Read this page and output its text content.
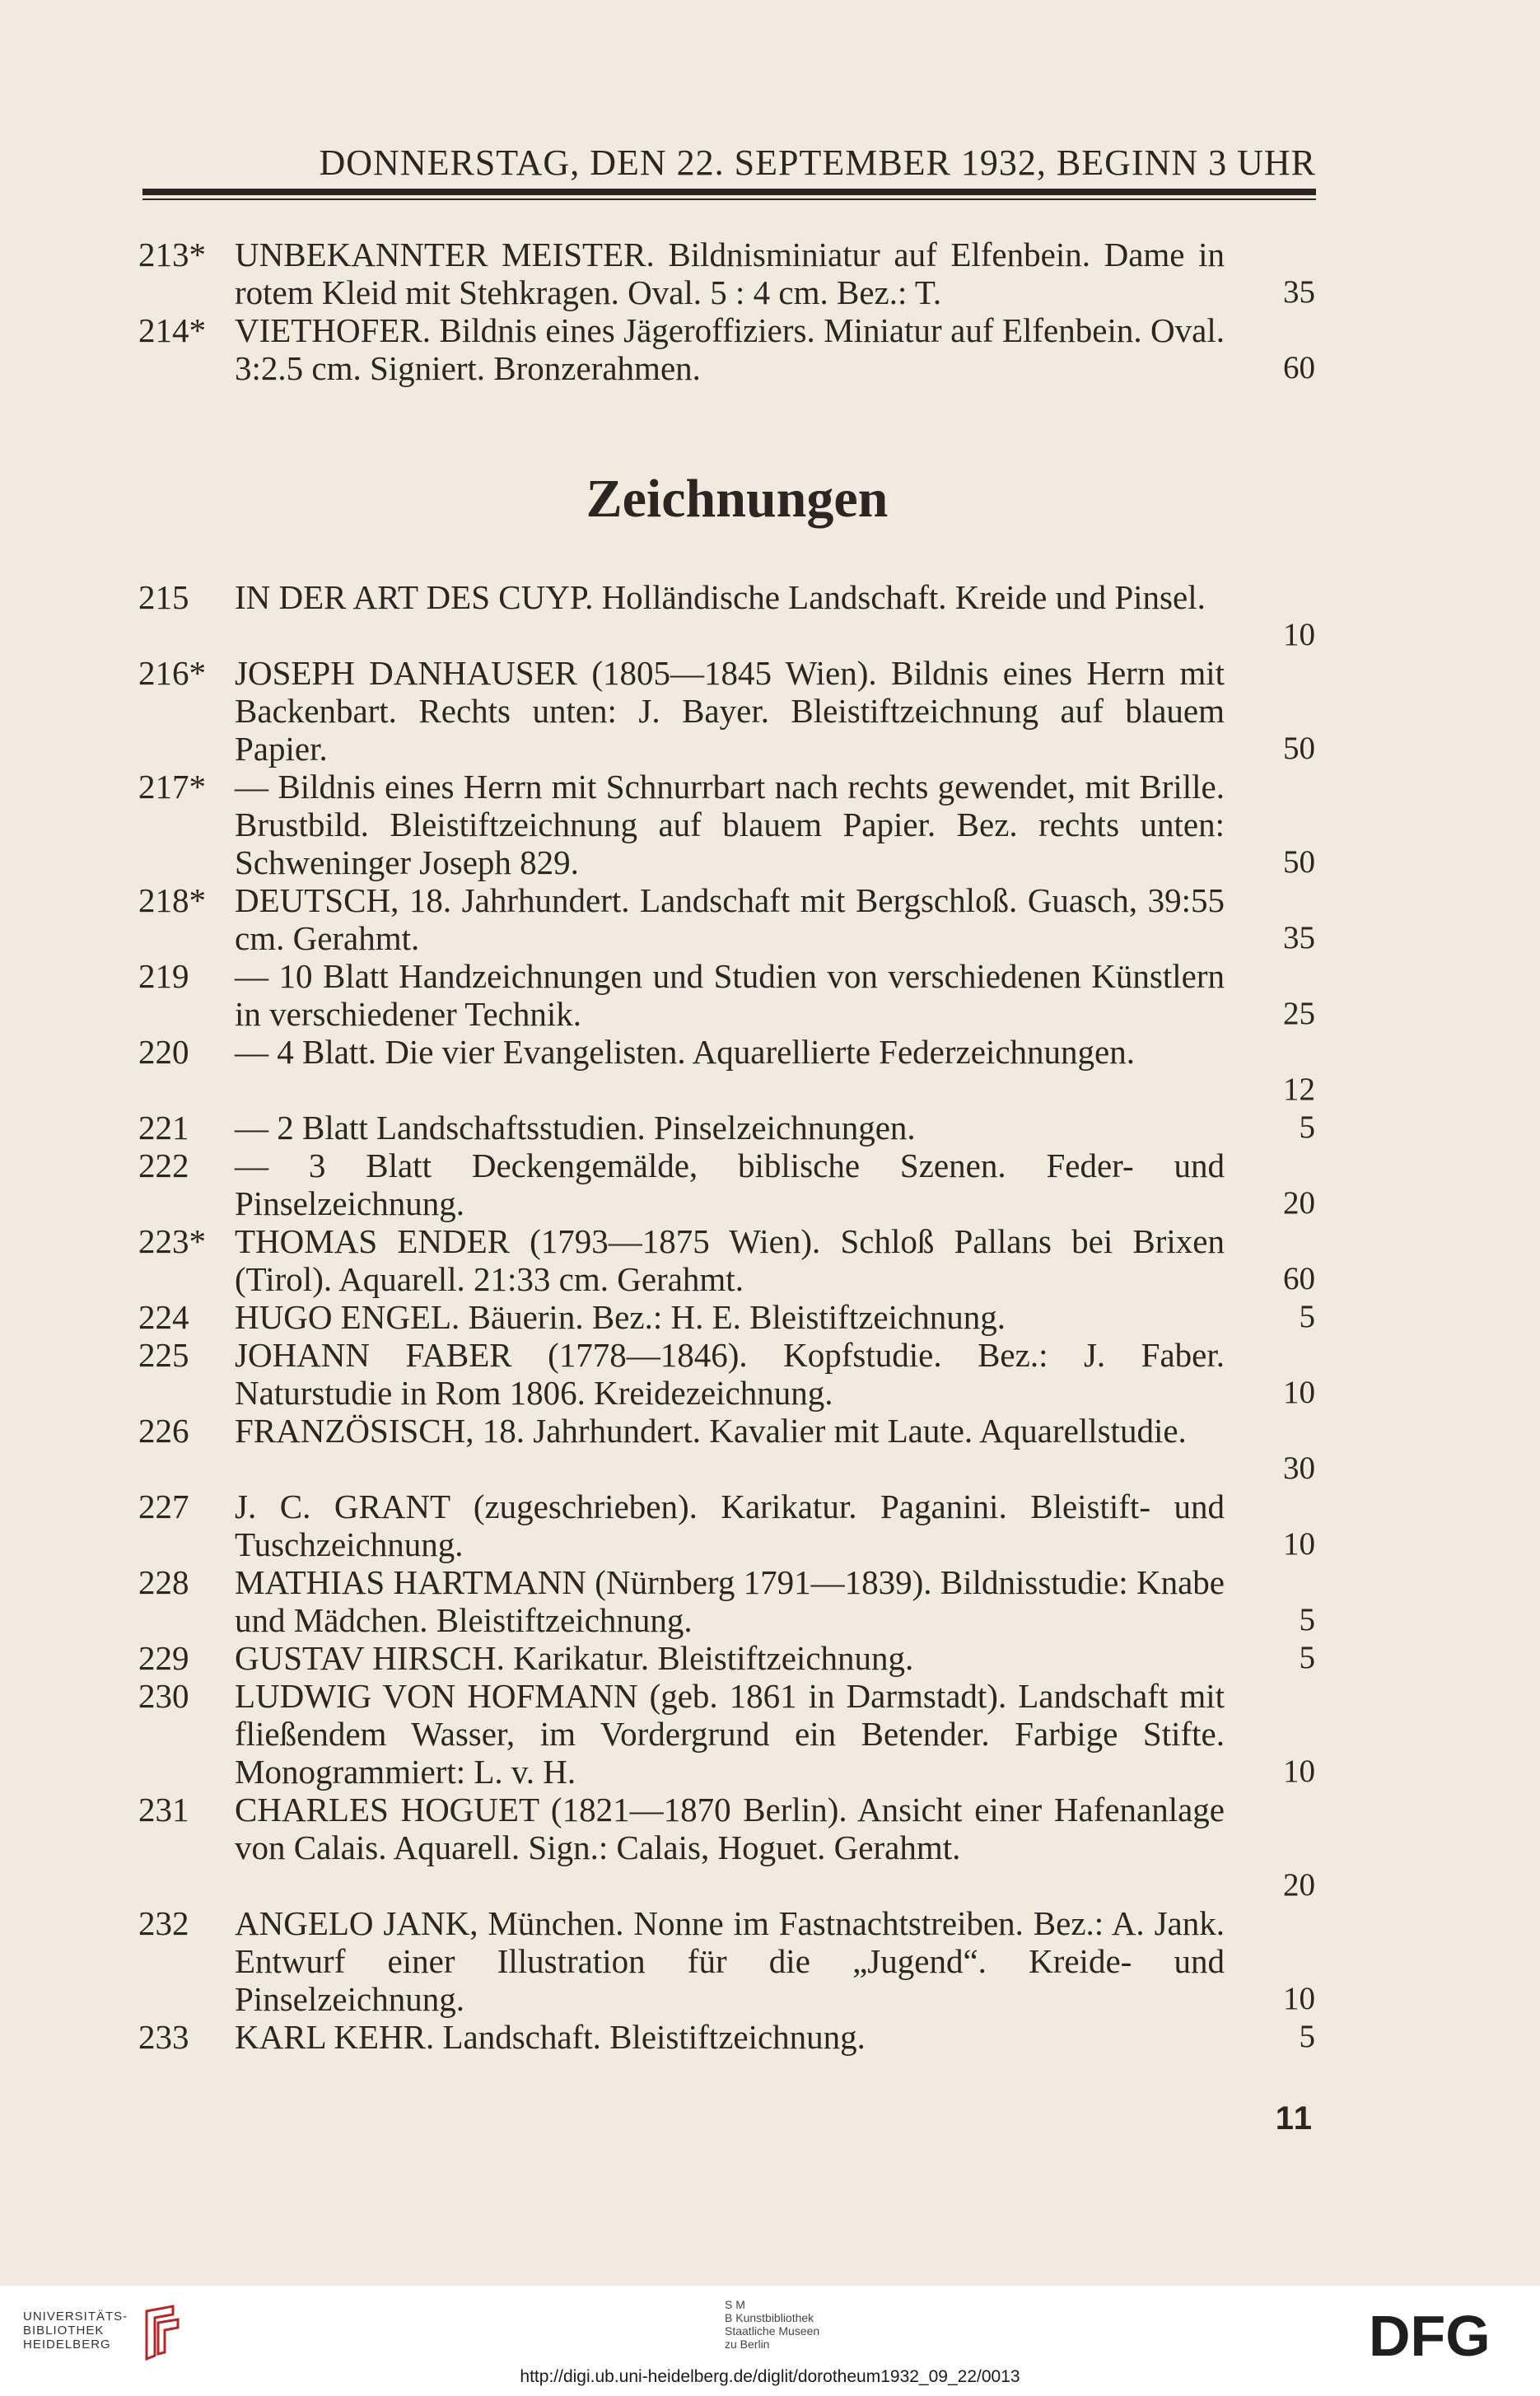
DONNERSTAG, DEN 22. SEPTEMBER 1932, BEGINN 3 UHR
213* UNBEKANNTER MEISTER. Bildnisminiatur auf Elfenbein. Dame in rotem Kleid mit Stehkragen. Oval. 5 : 4 cm. Bez.: T.	35
214* VIETHOFER. Bildnis eines Jägeroffiziers. Miniatur auf Elfenbein. Oval. 3:2.5 cm. Signiert. Bronzerahmen.	60
Zeichnungen
215 IN DER ART DES CUYP. Holländische Landschaft. Kreide und Pinsel.
10
216* JOSEPH DANHAUSER (1805—1845 Wien). Bildnis eines Herrn mit Backenbart. Rechts unten: J. Bayer. Bleistiftzeichnung auf blauem Papier.	50
217* — Bildnis eines Herrn mit Schnurrbart nach rechts gewendet, mit Brille. Brustbild. Bleistiftzeichnung auf blauem Papier. Bez. rechts unten: Schweninger Joseph 829.	50
218* DEUTSCH, 18. Jahrhundert. Landschaft mit Bergschloß. Guasch, 39:55 cm. Gerahmt.	35
219 — 10 Blatt Handzeichnungen und Studien von verschiedenen Künstlern in verschiedener Technik.	25
220 — 4 Blatt. Die vier Evangelisten. Aquarellierte Federzeichnungen.
12
221 — 2 Blatt Landschaftsstudien. Pinselzeichnungen.	5
222 — 3 Blatt Deckengemälde, biblische Szenen. Feder- und Pinselzeichnung.	20
223* THOMAS ENDER (1793—1875 Wien). Schloß Pallans bei Brixen (Tirol). Aquarell. 21:33 cm. Gerahmt.	60
224 HUGO ENGEL. Bäuerin. Bez.: H. E. Bleistiftzeichnung.	5
225 JOHANN FABER (1778—1846). Kopfstudie. Bez.: J. Faber. Naturstudie in Rom 1806. Kreidezeichnung.	10
226 FRANZÖSISCH, 18. Jahrhundert. Kavalier mit Laute. Aquarellstudie.
30
227 J. C. GRANT (zugeschrieben). Karikatur. Paganini. Bleistift- und Tuschzeichnung.	10
228 MATHIAS HARTMANN (Nürnberg 1791—1839). Bildnisstudie: Knabe und Mädchen. Bleistiftzeichnung.	5
229 GUSTAV HIRSCH. Karikatur. Bleistiftzeichnung.	5
230 LUDWIG VON HOFMANN (geb. 1861 in Darmstadt). Landschaft mit fließendem Wasser, im Vordergrund ein Betender. Farbige Stifte. Monogrammiert: L. v. H.	10
231 CHARLES HOGUET (1821—1870 Berlin). Ansicht einer Hafenanlage von Calais. Aquarell. Sign.: Calais, Hoguet. Gerahmt.
20
232 ANGELO JANK, München. Nonne im Fastnachtstreiben. Bez.: A. Jank. Entwurf einer Illustration für die „Jugend“. Kreide- und Pinselzeichnung.	10
233 KARL KEHR. Landschaft. Bleistiftzeichnung.	5
11
UNIVERSITÄTS-
BIBLIOTHEK
HEIDELBERG
S M
B Kunstbibliothek
Staatliche Museen
zu Berlin	DFG
http://digi.ub.uni-heidelberg.de/diglit/dorotheum1932_09_22/0013
